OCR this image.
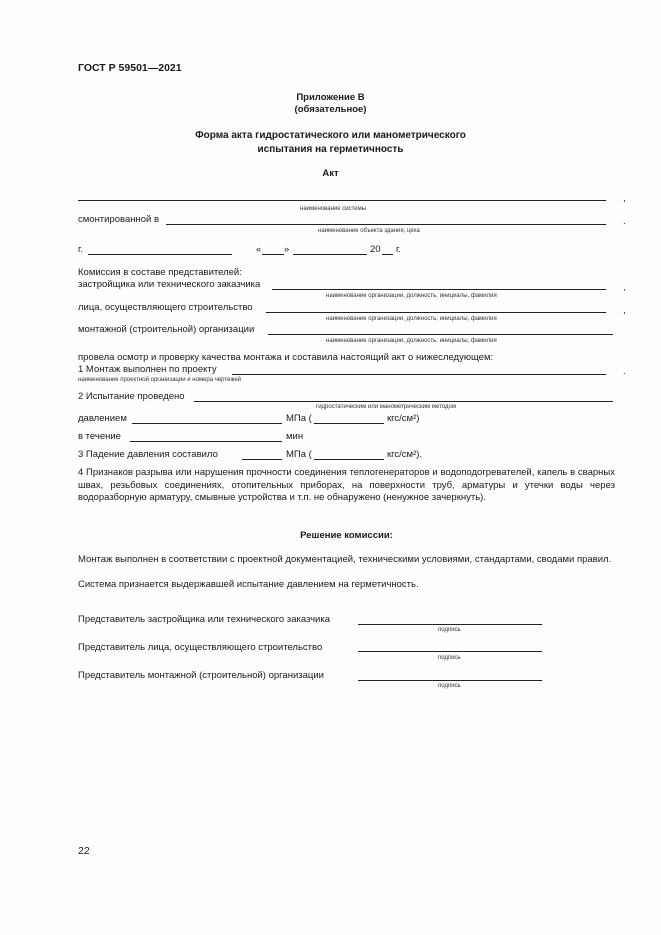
ГОСТ Р 59501—2021
Приложение В
(обязательное)
Форма акта гидростатического или манометрического
испытания на герметичность
Акт
,
наименование системы
смонтированной в	.
наименование объекта здания, цеха
г.	« »	20 г.
Комиссия в составе представителей:
застройщика или технического заказчика	,
наименование организации, должность, инициалы, фамилия
лица, осуществляющего строительство	,
наименование организации, должность, инициалы, фамилия
монтажной (строительной) организации
наименование организации, должность, инициалы, фамилия
провела осмотр и проверку качества монтажа и составила настоящий акт о нижеследующем:
1 Монтаж выполнен по проекту	.
наименование проектной организации и номера чертежей
2 Испытание проведено
гидростатическим или манометрическим методом
давлением	МПа (	кгс/см²)
в течение	мин
3 Падение давления составило	МПа (	кгс/см²).
4 Признаков разрыва или нарушения прочности соединения теплогенераторов и водоподогревателей, капель в сварных швах, резьбовых соединениях, отопительных приборах, на поверхности труб, арматуры и утечки воды через водоразборную арматуру, смывные устройства и т.п. не обнаружено (ненужное зачеркнуть).
Решение комиссии:
Монтаж выполнен в соответствии с проектной документацией, техническими условиями, стандартами, сводами правил.
Система признается выдержавшей испытание давлением на герметичность.
Представитель застройщика или технического заказчика
подпись
Представитель лица, осуществляющего строительство
подпись
Представитель монтажной (строительной) организации
подпись
22
